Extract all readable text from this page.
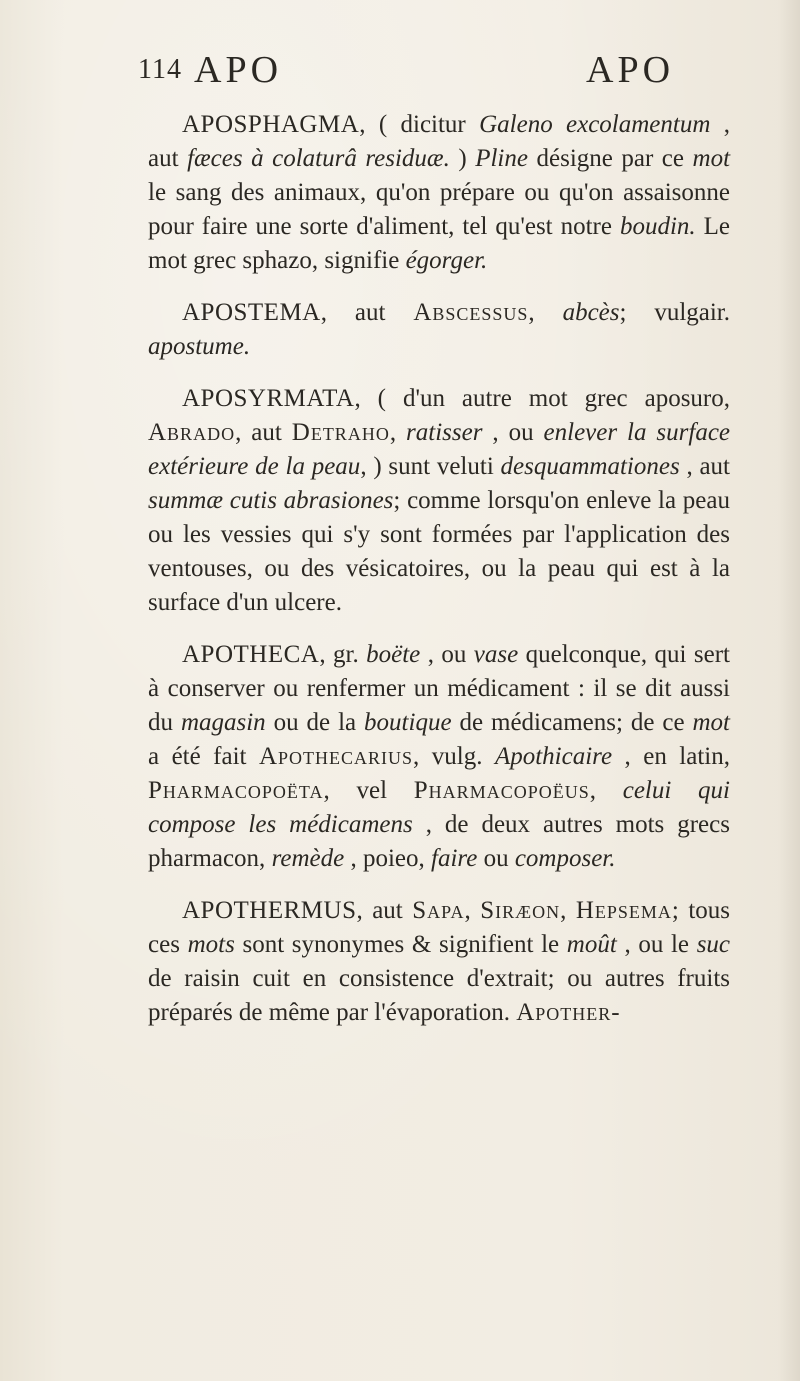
114 APO	APO

APOSPHAGMA, ( dicitur Galeno excolamentum , aut fæces à colaturâ residuæ. ) Pline désigne par ce mot le sang des animaux, qu'on prépare ou qu'on assaisonne pour faire une sorte d'aliment, tel qu'est notre boudin. Le mot grec sphazo, signifie égorger.

APOSTEMA, aut Abscessus, abcès; vulgair. apostume.

APOSYRMATA, ( d'un autre mot grec aposuro, Abrado, aut Detraho, ratisser , ou enlever la surface extérieure de la peau, ) sunt veluti desquammationes , aut summæ cutis abrasiones; comme lorsqu'on enleve la peau ou les vessies qui s'y sont formées par l'application des ventouses, ou des vésicatoires, ou la peau qui est à la surface d'un ulcere.

APOTHECA, gr. boëte , ou vase quelconque, qui sert à conserver ou renfermer un médicament : il se dit aussi du magasin ou de la boutique de médicamens; de ce mot a été fait Apothecarius, vulg. Apothicaire , en latin, Pharmacopoëta, vel Pharmacopoëus, celui qui compose les médicamens , de deux autres mots grecs pharmacon, remède , poieo, faire ou composer.

APOTHERMUS, aut Sapa, Siræon, Hepsema; tous ces mots sont synonymes & signifient le moût , ou le suc de raisin cuit en consistence d'extrait; ou autres fruits préparés de même par l'évaporation. Apother-
